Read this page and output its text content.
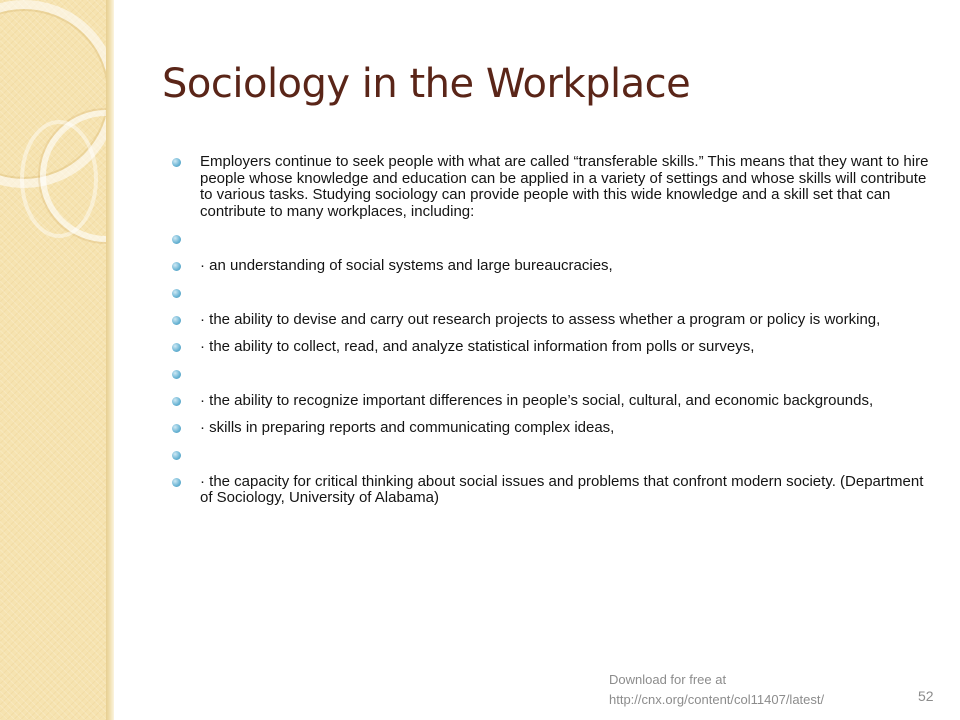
Sociology in the Workplace
Employers continue to seek people with what are called “transferable skills.” This means that they want to hire people whose knowledge and education can be applied in a variety of settings and whose skills will contribute to various tasks. Studying sociology can provide people with this wide knowledge and a skill set that can contribute to many workplaces, including:
· an understanding of social systems and large bureaucracies,
· the ability to devise and carry out research projects to assess whether a program or policy is working,
· the ability to collect, read, and analyze statistical information from polls or surveys,
· the ability to recognize important differences in people’s social, cultural, and economic backgrounds,
· skills in preparing reports and communicating complex ideas,
· the capacity for critical thinking about social issues and problems that confront modern society. (Department of Sociology, University of Alabama)
Download for free at
http://cnx.org/content/col11407/latest/	52
